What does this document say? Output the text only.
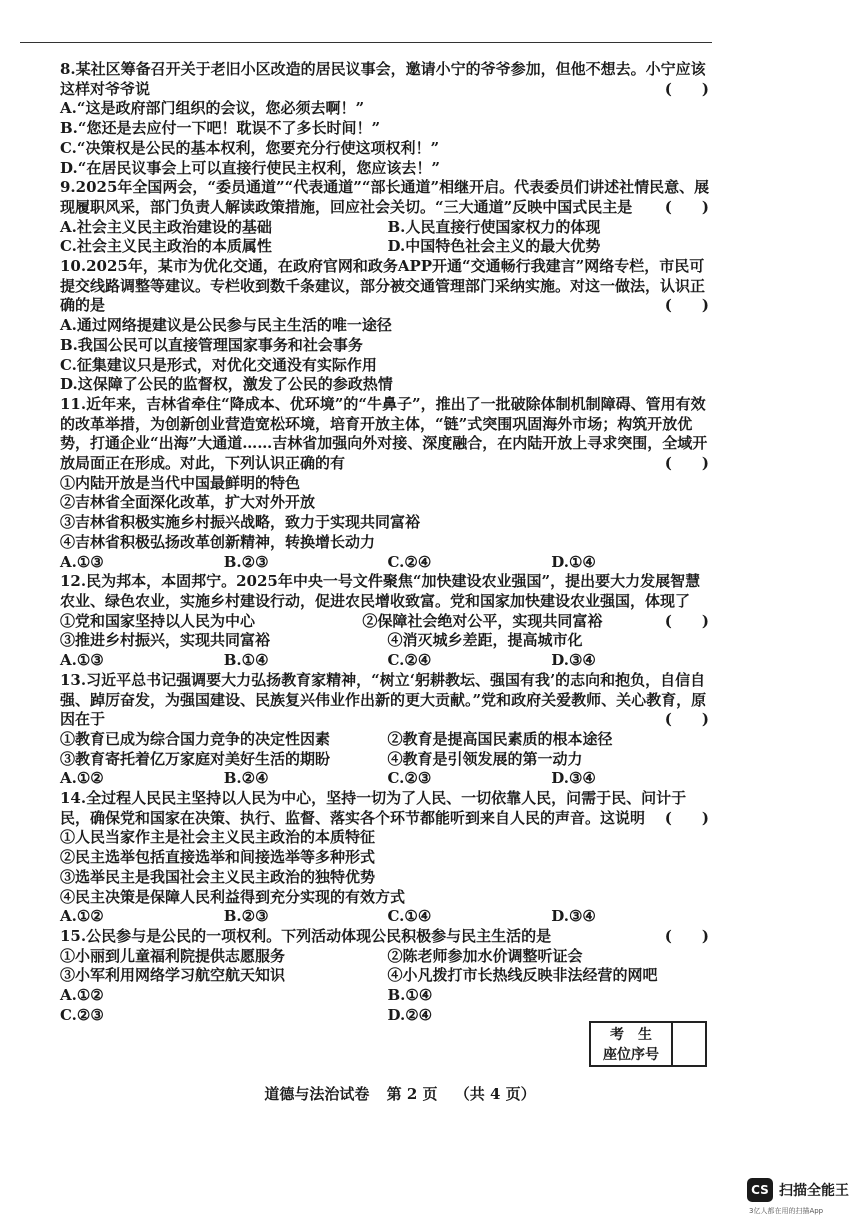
8.某社区筹备召开关于老旧小区改造的居民议事会，邀请小宁的爷爷参加，但他不想去。小宁应该这样对爷爷说	(　　)

A.“这是政府部门组织的会议，您必须去啊！”

B.“您还是去应付一下吧！耽误不了多长时间！”

C.“决策权是公民的基本权利，您要充分行使这项权利！”

D.“在居民议事会上可以直接行使民主权利，您应该去！”

9.2025年全国两会，“委员通道”“代表通道”“部长通道”相继开启。代表委员们讲述社情民意、展现履职风采，部门负责人解读政策措施，回应社会关切。“三大通道”反映中国式民主是 (　　)

A.社会主义民主政治建设的基础	B.人民直接行使国家权力的体现
C.社会主义民主政治的本质属性	D.中国特色社会主义的最大优势

10.2025年，某市为优化交通，在政府官网和政务APP开通“交通畅行我建言”网络专栏，市民可提交线路调整等建议。专栏收到数千条建议，部分被交通管理部门采纳实施。对这一做法，认识正确的是	(　　)

A.通过网络提建议是公民参与民主生活的唯一途径

B.我国公民可以直接管理国家事务和社会事务

C.征集建议只是形式，对优化交通没有实际作用

D.这保障了公民的监督权，激发了公民的参政热情

11.近年来，吉林省牵住“降成本、优环境”的“牛鼻子”，推出了一批破除体制机制障碍、管用有效的改革举措，为创新创业营造宽松环境，培育开放主体，“链”式突围巩固海外市场；构筑开放优势，打通企业“出海”大通道……吉林省加强向外对接、深度融合，在内陆开放上寻求突围，全域开放局面正在形成。对此，下列认识正确的有	(　　)

①内陆开放是当代中国最鲜明的特色

②吉林省全面深化改革，扩大对外开放

③吉林省积极实施乡村振兴战略，致力于实现共同富裕

④吉林省积极弘扬改革创新精神，转换增长动力

A.①③	B.②③	C.②④	D.①④

12.民为邦本，本固邦宁。2025年中央一号文件聚焦“加快建设农业强国”，提出要大力发展智慧农业、绿色农业，实施乡村建设行动，促进农民增收致富。党和国家加快建设农业强国，体现了
(　　)

①党和国家坚持以人民为中心	②保障社会绝对公平，实现共同富裕
③推进乡村振兴，实现共同富裕	④消灭城乡差距，提高城市化
A.①③	B.①④	C.②④	D.③④

13.习近平总书记强调要大力弘扬教育家精神，“树立‘躬耕教坛、强国有我’的志向和抱负，自信自强、踔厉奋发，为强国建设、民族复兴伟业作出新的更大贡献。”党和政府关爱教师、关心教育，原因在于	(　　)

①教育已成为综合国力竞争的决定性因素	②教育是提高国民素质的根本途径
③教育寄托着亿万家庭对美好生活的期盼	④教育是引领发展的第一动力
A.①②	B.②④	C.②③	D.③④

14.全过程人民民主坚持以人民为中心，坚持一切为了人民、一切依靠人民，问需于民、问计于民，确保党和国家在决策、执行、监督、落实各个环节都能听到来自人民的声音。这说明 (　　)

①人民当家作主是社会主义民主政治的本质特征

②民主选举包括直接选举和间接选举等多种形式

③选举民主是我国社会主义民主政治的独特优势

④民主决策是保障人民利益得到充分实现的有效方式

A.①②	B.②③	C.①④	D.③④

15.公民参与是公民的一项权利。下列活动体现公民积极参与民主生活的是	(　　)

①小丽到儿童福利院提供志愿服务	②陈老师参加水价调整听证会
③小军利用网络学习航空航天知识	④小凡拨打市长热线反映非法经营的网吧
A.①②	B.①④
C.②③	D.②④
考　生
座位序号
道德与法治试卷 第 2 页 （共 4 页）
CS 扫描全能王
3亿人都在用的扫描App
